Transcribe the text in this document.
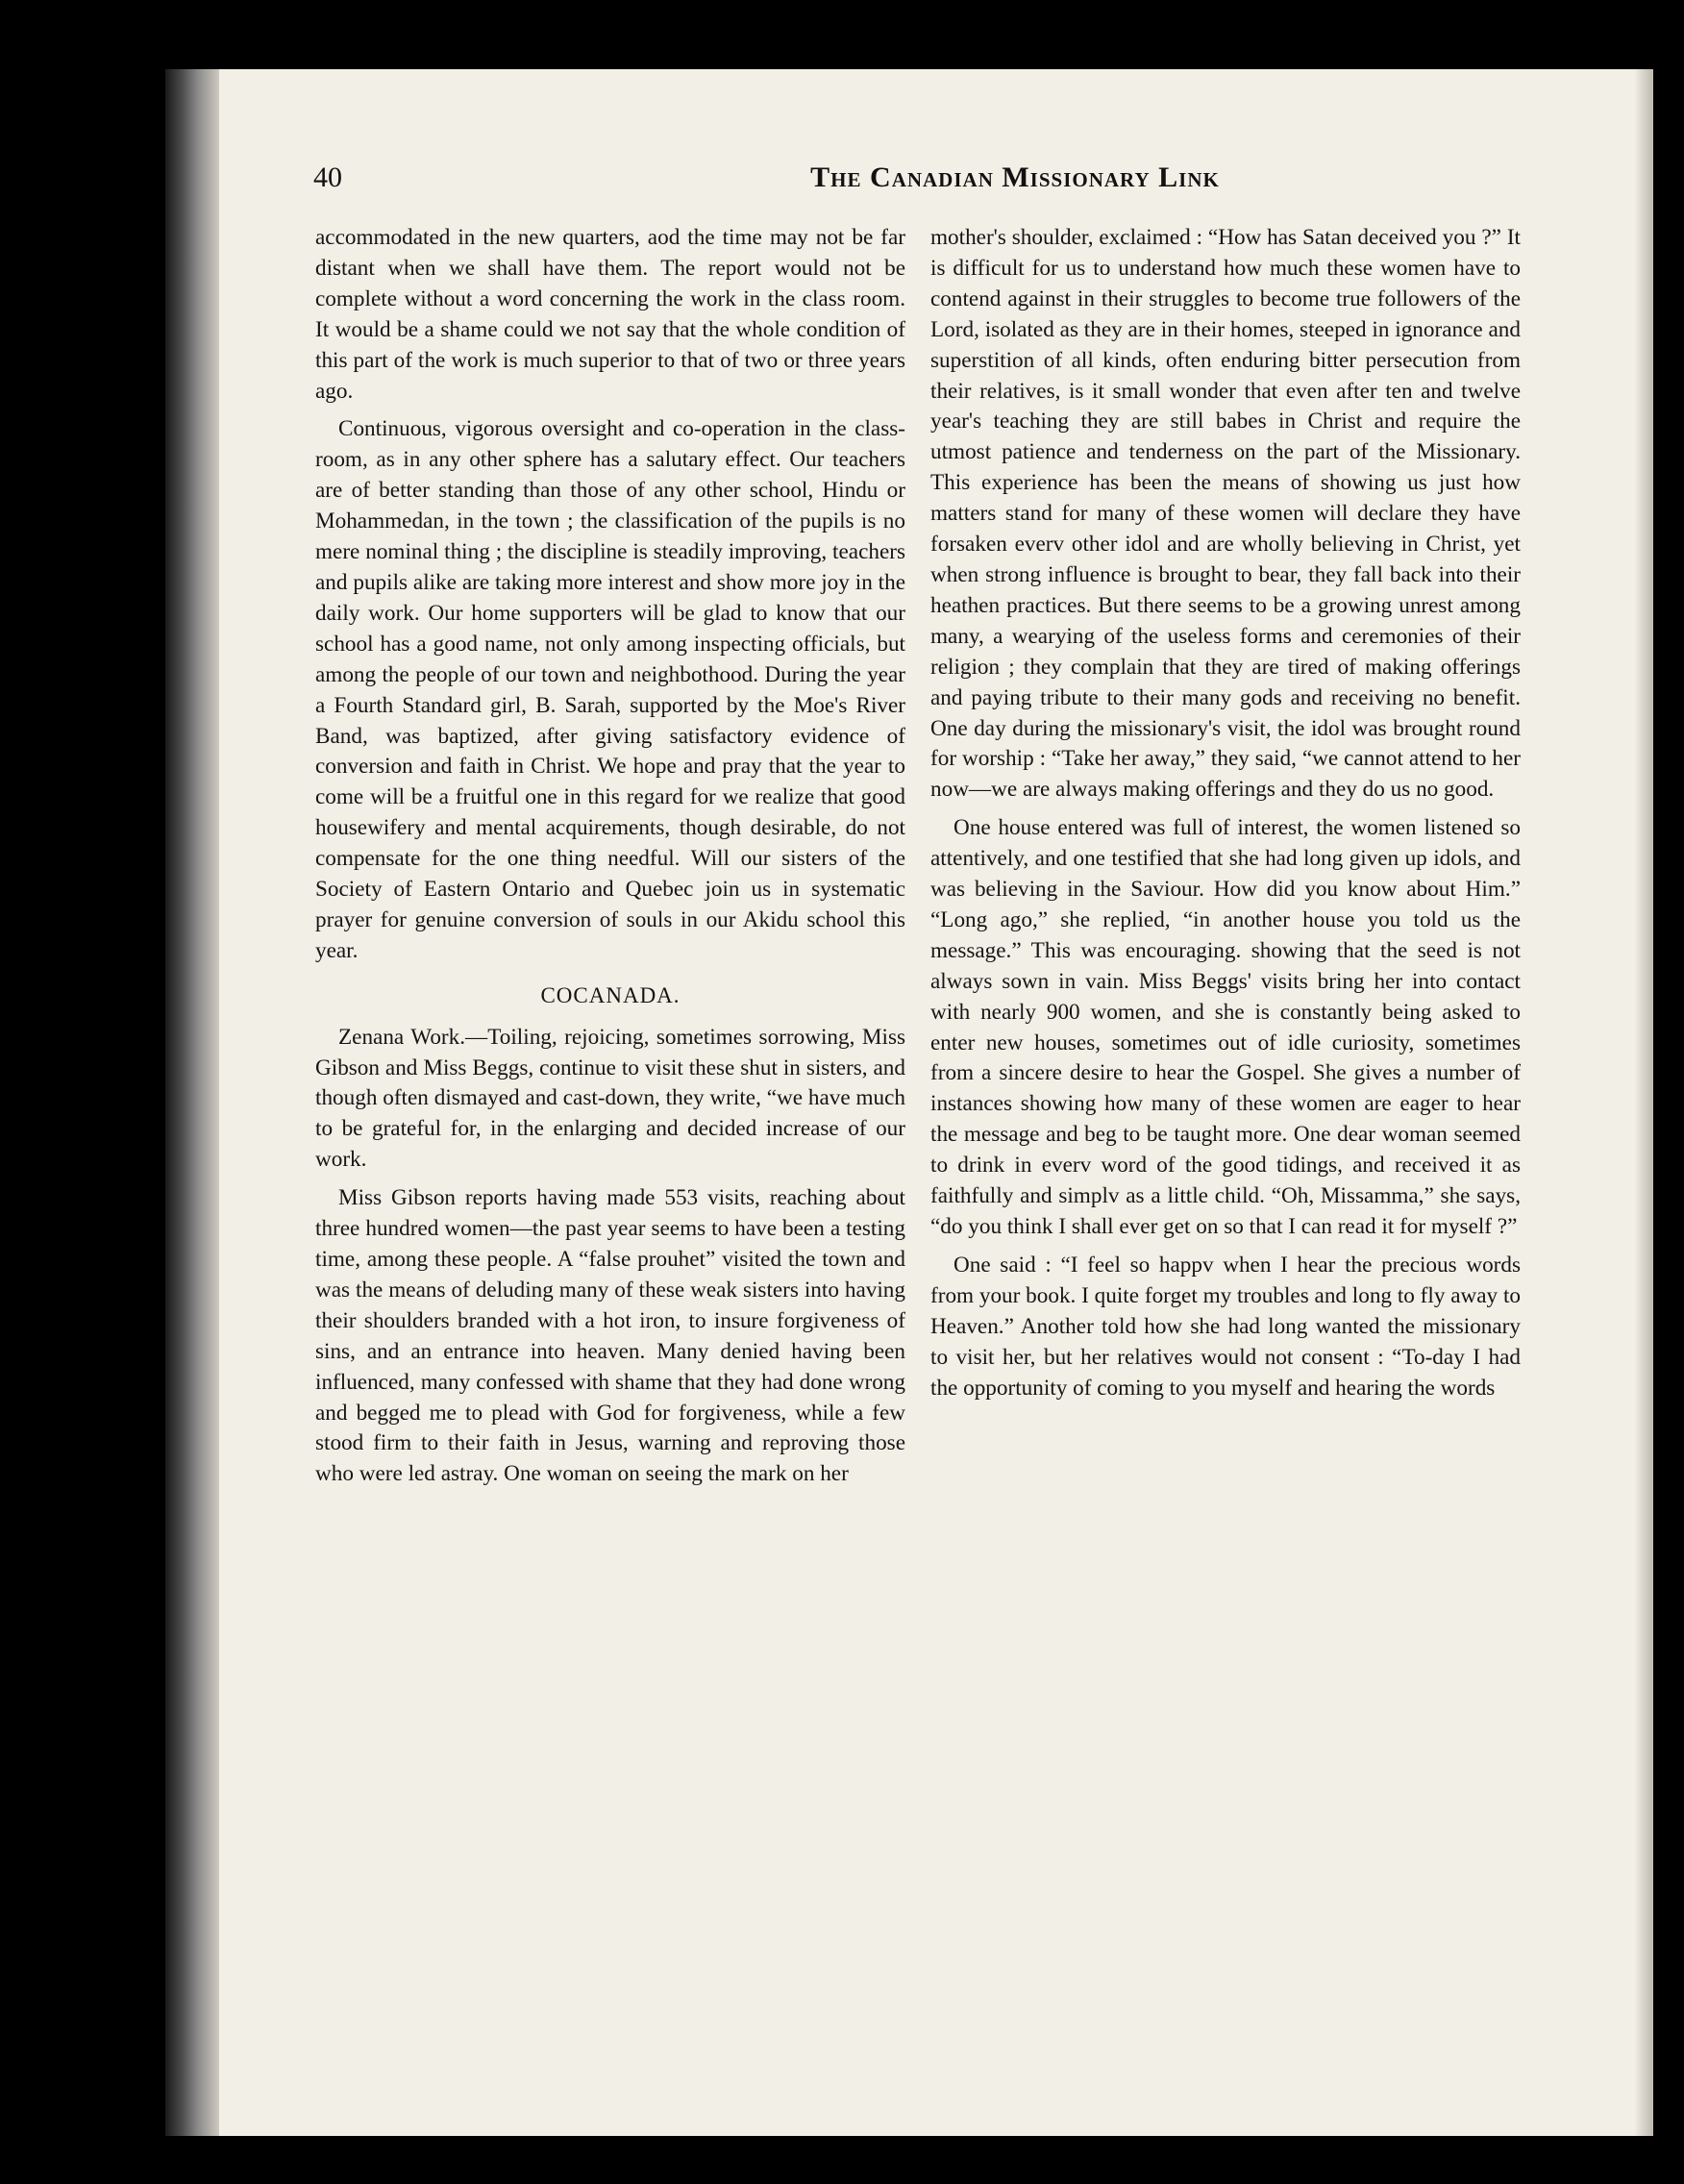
40	The Canadian Missionary Link

accommodated in the new quarters, aod the time may not be far distant when we shall have them. The report would not be complete without a word concerning the work in the class room. It would be a shame could we not say that the whole condition of this part of the work is much superior to that of two or three years ago.

Continuous, vigorous oversight and co-operation in the class-room, as in any other sphere has a salutary effect. Our teachers are of better standing than those of any other school, Hindu or Mohammedan, in the town ; the classification of the pupils is no mere nominal thing ; the discipline is steadily improving, teachers and pupils alike are taking more interest and show more joy in the daily work. Our home supporters will be glad to know that our school has a good name, not only among inspecting officials, but among the people of our town and neighbothood. During the year a Fourth Standard girl, B. Sarah, supported by the Moe's River Band, was baptized, after giving satisfactory evidence of conversion and faith in Christ. We hope and pray that the year to come will be a fruitful one in this regard for we realize that good housewifery and mental acquirements, though desirable, do not compensate for the one thing needful. Will our sisters of the Society of Eastern Ontario and Quebec join us in systematic prayer for genuine conversion of souls in our Akidu school this year.

COCANADA.

Zenana Work.—Toiling, rejoicing, sometimes sorrowing, Miss Gibson and Miss Beggs, continue to visit these shut in sisters, and though often dismayed and cast-down, they write, “we have much to be grateful for, in the enlarging and decided increase of our work.

Miss Gibson reports having made 553 visits, reaching about three hundred women—the past year seems to have been a testing time, among these people. A “false prouhet” visited the town and was the means of deluding many of these weak sisters into having their shoulders branded with a hot iron, to insure forgiveness of sins, and an entrance into heaven. Many denied having been influenced, many confessed with shame that they had done wrong and begged me to plead with God for forgiveness, while a few stood firm to their faith in Jesus, warning and reproving those who were led astray. One woman on seeing the mark on her

mother's shoulder, exclaimed : “How has Satan deceived you ?” It is difficult for us to understand how much these women have to contend against in their struggles to become true followers of the Lord, isolated as they are in their homes, steeped in ignorance and superstition of all kinds, often enduring bitter persecution from their relatives, is it small wonder that even after ten and twelve year's teaching they are still babes in Christ and require the utmost patience and tenderness on the part of the Missionary. This experience has been the means of showing us just how matters stand for many of these women will declare they have forsaken everv other idol and are wholly believing in Christ, yet when strong influence is brought to bear, they fall back into their heathen practices. But there seems to be a growing unrest among many, a wearying of the useless forms and ceremonies of their religion ; they complain that they are tired of making offerings and paying tribute to their many gods and receiving no benefit. One day during the missionary's visit, the idol was brought round for worship : “Take her away,” they said, “we cannot attend to her now—we are always making offerings and they do us no good.

One house entered was full of interest, the women listened so attentively, and one testified that she had long given up idols, and was believing in the Saviour. How did you know about Him.” “Long ago,” she replied, “in another house you told us the message.” This was encouraging. showing that the seed is not always sown in vain. Miss Beggs' visits bring her into contact with nearly 900 women, and she is constantly being asked to enter new houses, sometimes out of idle curiosity, sometimes from a sincere desire to hear the Gospel. She gives a number of instances showing how many of these women are eager to hear the message and beg to be taught more. One dear woman seemed to drink in everv word of the good tidings, and received it as faithfully and simplv as a little child. “Oh, Missamma,” she says, “do you think I shall ever get on so that I can read it for myself ?”

One said : “I feel so happv when I hear the precious words from your book. I quite forget my troubles and long to fly away to Heaven.” Another told how she had long wanted the missionary to visit her, but her relatives would not consent : “To-day I had the opportunity of coming to you myself and hearing the words
